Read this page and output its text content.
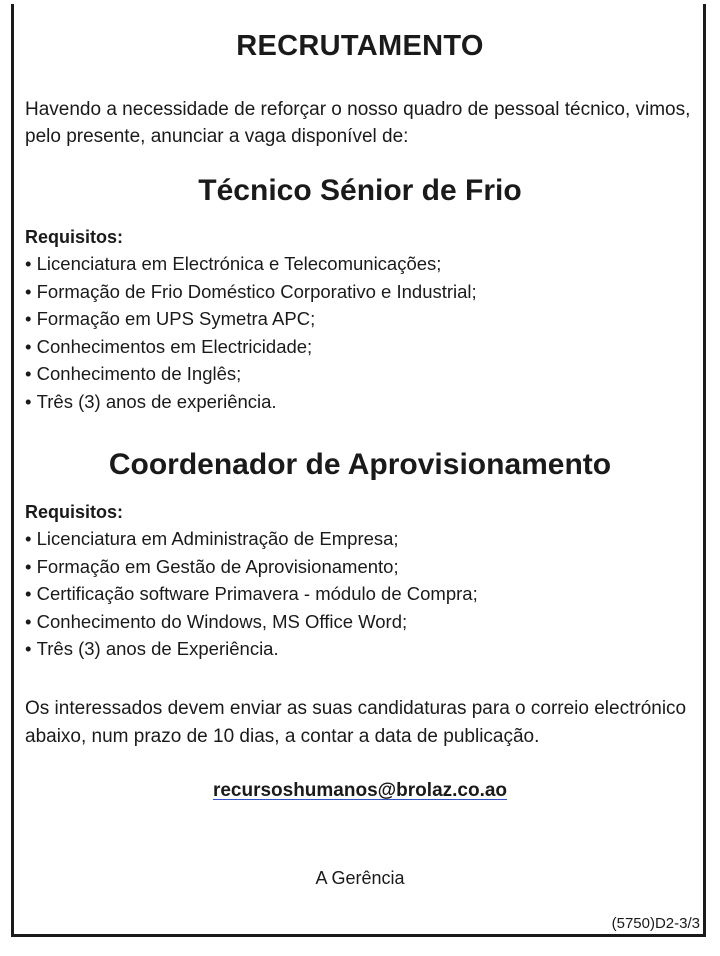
RECRUTAMENTO

Havendo a necessidade de reforçar o nosso quadro de pessoal técnico, vimos, pelo presente, anunciar a vaga disponível de:

Técnico Sénior de Frio

Requisitos:

• Licenciatura em Electrónica e Telecomunicações;
• Formação de Frio Doméstico Corporativo e Industrial;
• Formação em UPS Symetra APC;
• Conhecimentos em Electricidade;
• Conhecimento de Inglês;
• Três (3) anos de experiência.
Coordenador de Aprovisionamento

Requisitos:

• Licenciatura em Administração de Empresa;
• Formação em Gestão de Aprovisionamento;
• Certificação software Primavera - módulo de Compra;
• Conhecimento do Windows, MS Office Word;
• Três (3) anos de Experiência.

Os interessados devem enviar as suas candidaturas para o correio electrónico abaixo, num prazo de 10 dias, a contar a data de publicação.

recursoshumanos@brolaz.co.ao

A Gerência

(5750)D2-3/3
